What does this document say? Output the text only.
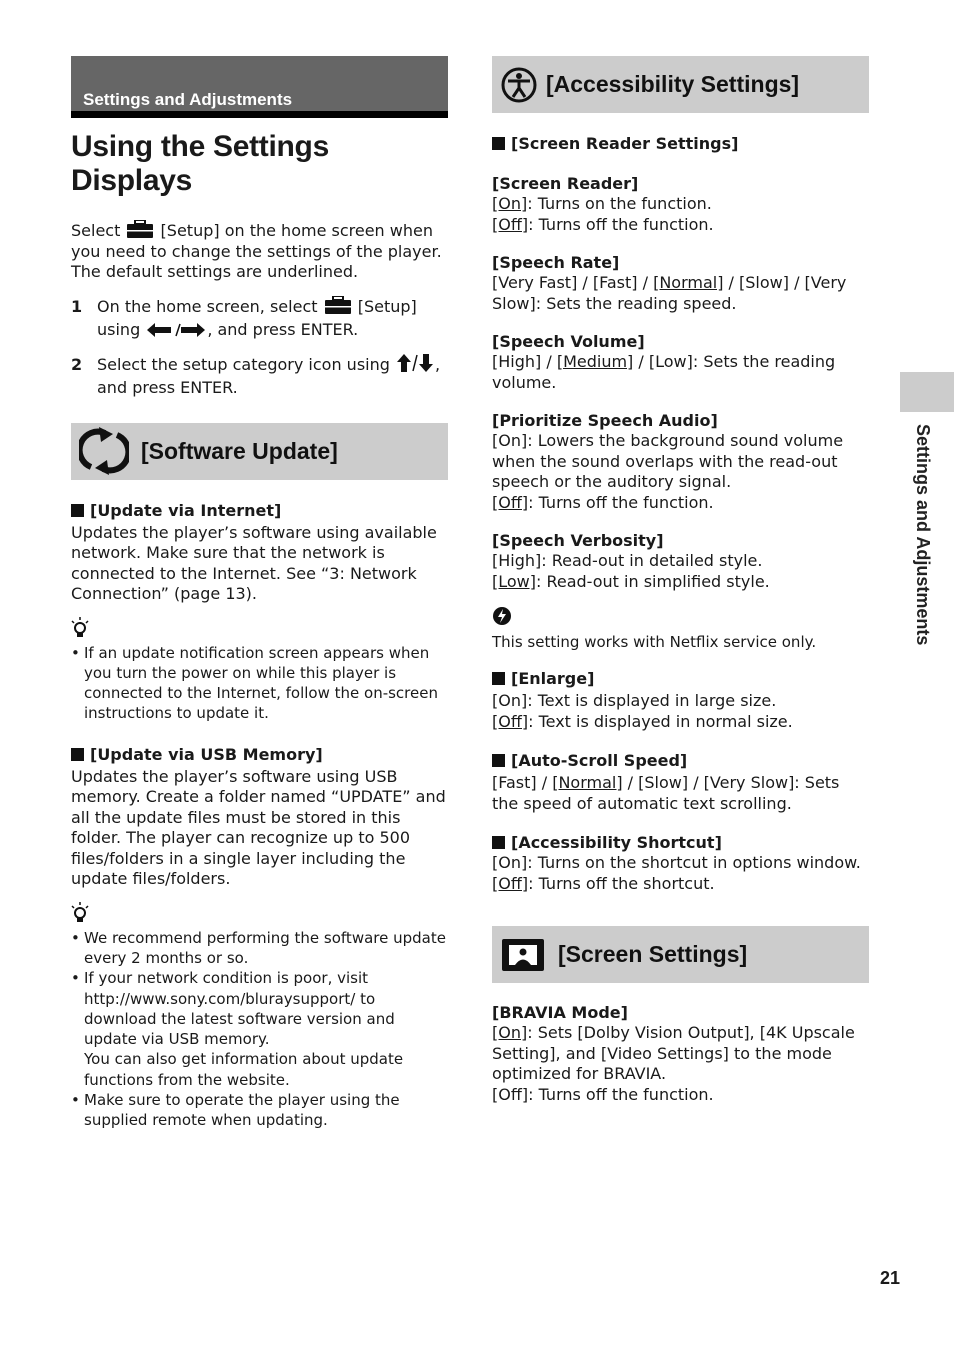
Settings and Adjustments
Using the Settings Displays

Select	[Setup] on the home screen when you need to change the settings of the player.
The default settings are underlined.

1 On the home screen, select	[Setup] using	, and press ENTER.
2 Select the setup category icon using	, and press ENTER.
[Software Update]
[Update via Internet]

Updates the player’s software using available network. Make sure that the network is connected to the Internet. See “3: Network Connection” (page 13).

• If an update notification screen appears when you turn the power on while this player is connected to the Internet, follow the on-screen instructions to update it.
[Update via USB Memory]

Updates the player’s software using USB memory. Create a folder named “UPDATE” and all the update files must be stored in this folder. The player can recognize up to 500 files/folders in a single layer including the update files/folders.

• We recommend performing the software update every 2 months or so.
• If your network condition is poor, visit http://www.sony.com/bluraysupport/ to download the latest software version and update via USB memory.
You can also get information about update functions from the website.
• Make sure to operate the player using the supplied remote when updating.
[Accessibility Settings]
[Screen Reader Settings]
[Screen Reader]
[On]: Turns on the function.
[Off]: Turns off the function.
[Speech Rate]
[Very Fast] / [Fast] / [Normal] / [Slow] / [Very Slow]: Sets the reading speed.
[Speech Volume]
[High] / [Medium] / [Low]: Sets the reading volume.
[Prioritize Speech Audio]
[On]: Lowers the background sound volume when the sound overlaps with the read-out speech or the auditory signal.
[Off]: Turns off the function.
[Speech Verbosity]
[High]: Read-out in detailed style.
[Low]: Read-out in simplified style.
This setting works with Netflix service only.
[Enlarge]
[On]: Text is displayed in large size.
[Off]: Text is displayed in normal size.
[Auto-Scroll Speed]
[Fast] / [Normal] / [Slow] / [Very Slow]: Sets the speed of automatic text scrolling.
[Accessibility Shortcut]
[On]: Turns on the shortcut in options window.
[Off]: Turns off the shortcut.
[Screen Settings]
[BRAVIA Mode]
[On]: Sets [Dolby Vision Output], [4K Upscale Setting], and [Video Settings] to the mode optimized for BRAVIA.
[Off]: Turns off the function.
Settings and Adjustments
21
